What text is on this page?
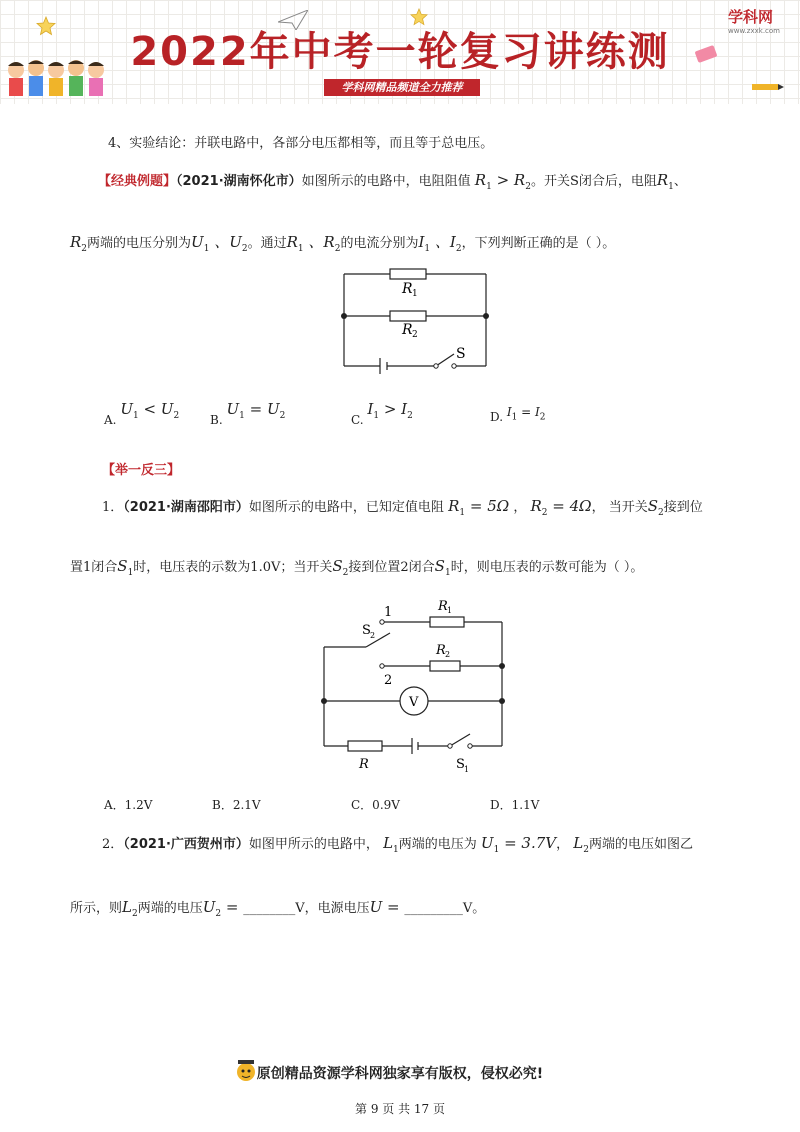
2022年中考一轮复习讲练测
学科网精品频道全力推荐
学科网
www.zxxk.com
4、实验结论：并联电路中，各部分电压都相等，而且等于总电压。
【经典例题】（2021·湖南怀化市）如图所示的电路中，电阻阻值 $R_1 > R_2$。开关S闭合后，电阻$R_1$、
$R_2$两端的电压分别为$U_1$ 、$U_2$。通过$R_1$ 、$R_2$的电流分别为$I_1$ 、$I_2$，下列判断正确的是（ ）。
R 1
R 2
S
A. $U_1 < U_2$	B. $U_1 = U_2$	C. $I_1 > I_2$	D. $I_1 = I_2$
【举一反三】
1．（2021·湖南邵阳市）如图所示的电路中，已知定值电阻 $R_1 = 5\Omega$ ， $R_2 = 4\Omega$， 当开关$S_2$接到位
置1闭合$S_1$时，电压表的示数为1.0V；当开关$S_2$接到位置2闭合$S_1$时，则电压表的示数可能为（ ）。
1
2
S 2
R 1
R 2
V
R	S 1
A．1.2V	B．2.1V	C．0.9V	D．1.1V
2．（2021·广西贺州市）如图甲所示的电路中， $L_1$两端的电压为 $U_1 = 3.7V$， $L_2$两端的电压如图乙
所示，则$L_2$两端的电压$U_2$ = ________V，电源电压U = _________V。
原创精品资源学科网独家享有版权，侵权必究!
第 9 页 共 17 页
